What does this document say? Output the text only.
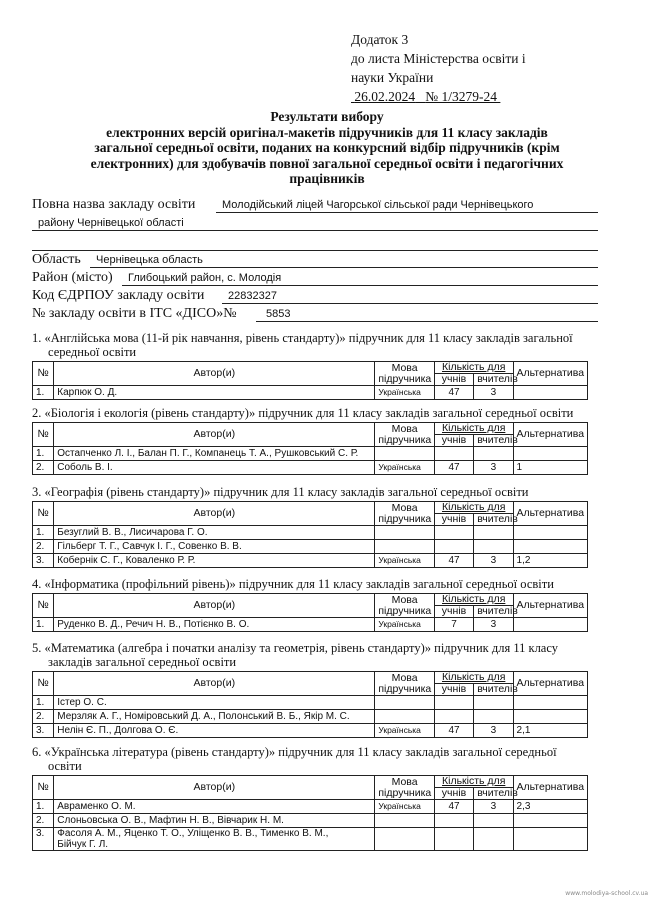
Додаток 3
до листа Міністерства освіти і
науки України
26.02.2024 № 1/3279-24
Результати вибору
електронних версій оригінал-макетів підручників для 11 класу закладів
загальної середньої освіти, поданих на конкурсний відбір підручників (крім
електронних) для здобувачів повної загальної середньої освіти і педагогічних
працівників
Повна назва закладу освіти Молодійський ліцей Чагорської сільської ради Чернівецького
району Чернівецької області
Область Чернівецька область
Район (місто) Глибоцький район, с. Молодія
Код ЄДРПОУ закладу освіти 22832327
№ закладу освіти в ІТС «ДІСО»№	5853
1. «Англійська мова (11-й рік навчання, рівень стандарту)» підручник для 11 класу закладів загальної середньої освіти
№	Автор(и)	Мова підручника	Кількість для		Альтернатива
			учнів	вчителів	
1.	Карпюк О. Д.	Українська	47	3	
2. «Біологія і екологія (рівень стандарту)» підручник для 11 класу закладів загальної середньої освіти
№	Автор(и)	Мова підручника	Кількість для		Альтернатива
			учнів	вчителів	
1.	Остапченко Л. І., Балан П. Г., Компанець Т. А., Рушковський С. Р.				
2.	Соболь В. І.	Українська	47	3	1
3. «Географія (рівень стандарту)» підручник для 11 класу закладів загальної середньої освіти
№	Автор(и)	Мова підручника	Кількість для		Альтернатива
			учнів	вчителів	
1.	Безуглий В. В., Лисичарова Г. О.				
2.	Гільберг Т. Г., Савчук І. Г., Совенко В. В.				
3.	Кобернік С. Г., Коваленко Р. Р.	Українська	47	3	1,2
4. «Інформатика (профільний рівень)» підручник для 11 класу закладів загальної середньої освіти
№	Автор(и)	Мова підручника	Кількість для		Альтернатива
			учнів	вчителів	
1.	Руденко В. Д., Речич Н. В., Потієнко В. О.	Українська	7	3	
5. «Математика (алгебра і початки аналізу та геометрія, рівень стандарту)» підручник для 11 класу закладів загальної середньої освіти
№	Автор(и)	Мова підручника	Кількість для		Альтернатива
			учнів	вчителів	
1.	Істер О. С.				
2.	Мерзляк А. Г., Номіровський Д. А., Полонський В. Б., Якір М. С.				
3.	Нелін Є. П., Долгова О. Є.	Українська	47	3	2,1
6. «Українська література (рівень стандарту)» підручник для 11 класу закладів загальної середньої освіти
№	Автор(и)	Мова підручника	Кількість для		Альтернатива
			учнів	вчителів	
1.	Авраменко О. М.	Українська	47	3	2,3
2.	Слоньовська О. В., Мафтин Н. В., Вівчарик Н. М.				
3.	Фасоля А. М., Яценко Т. О., Уліщенко В. В., Тименко В. М., Бійчук Г. Л.				
www.molodiya-school.cv.ua
